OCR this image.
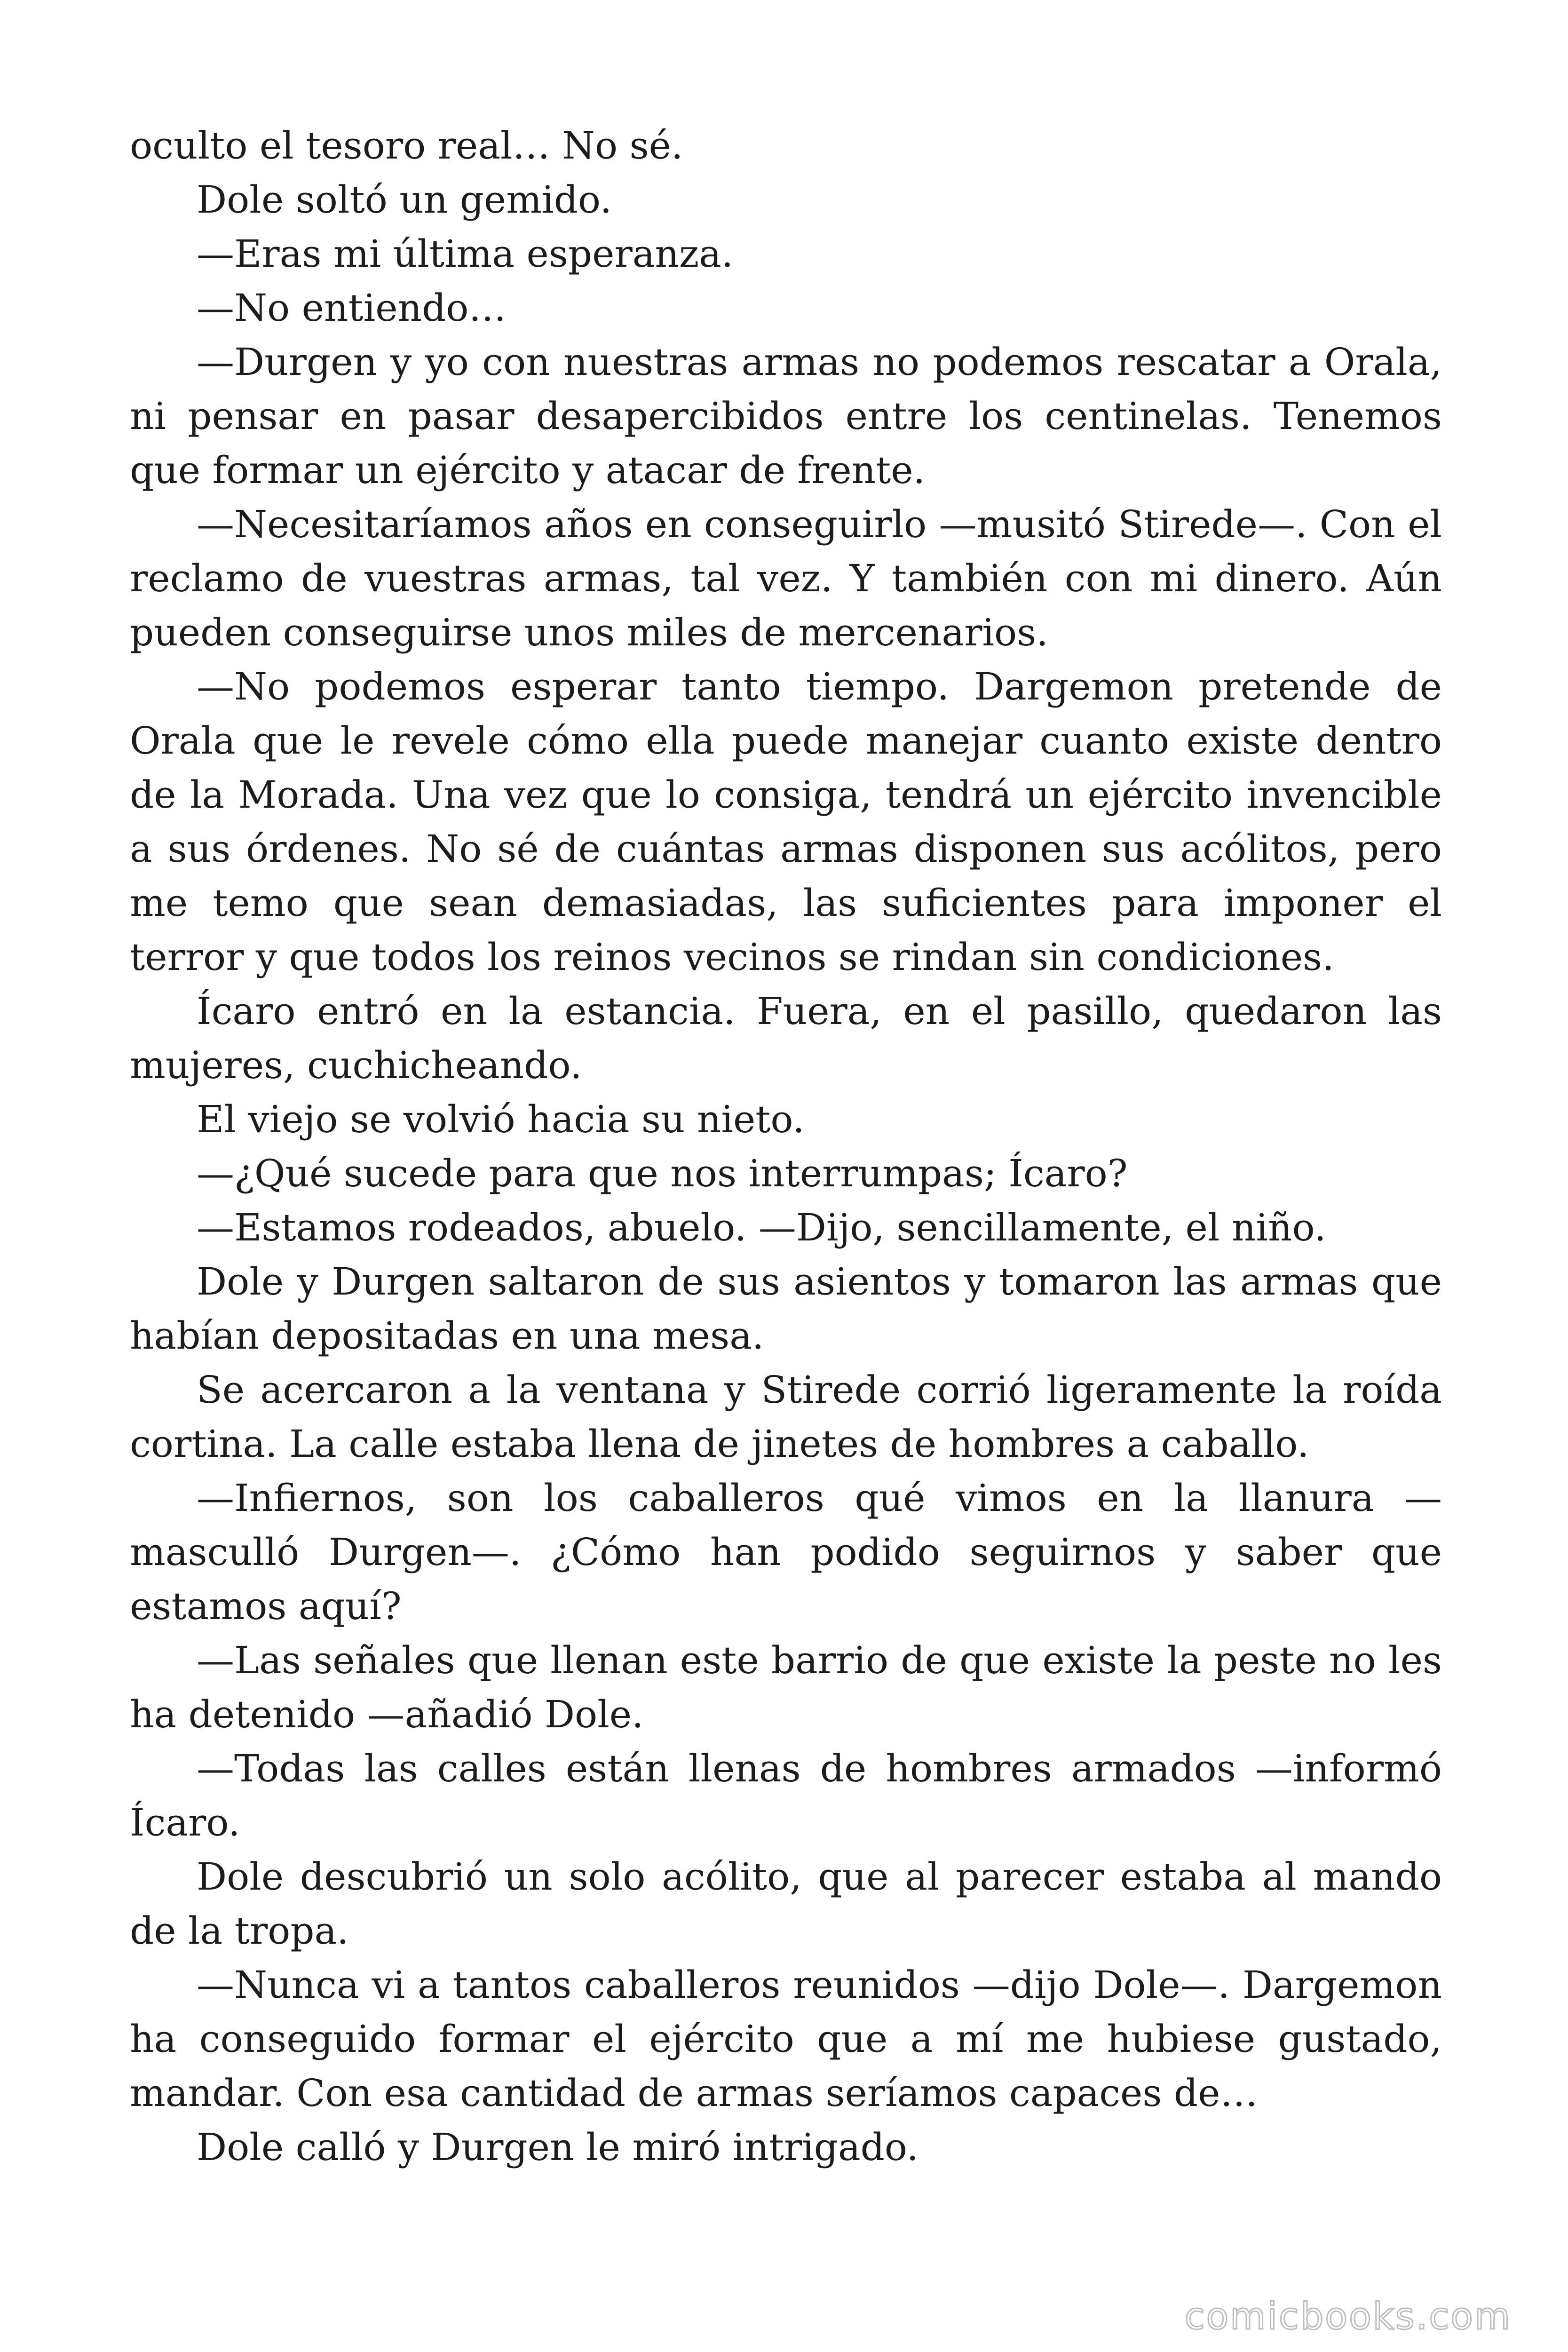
oculto el tesoro real… No sé.

Dole soltó un gemido.

—Eras mi última esperanza.

—No entiendo…

—Durgen y yo con nuestras armas no podemos rescatar a Orala, ni pensar en pasar desapercibidos entre los centinelas. Tenemos que formar un ejército y atacar de frente.

—Necesitaríamos años en conseguirlo —musitó Stirede—. Con el reclamo de vuestras armas, tal vez. Y también con mi dinero. Aún pueden conseguirse unos miles de mercenarios.

—No podemos esperar tanto tiempo. Dargemon pretende de Orala que le revele cómo ella puede manejar cuanto existe dentro de la Morada. Una vez que lo consiga, tendrá un ejército invencible a sus órdenes. No sé de cuántas armas disponen sus acólitos, pero me temo que sean demasiadas, las suficientes para imponer el terror y que todos los reinos vecinos se rindan sin condiciones.

Ícaro entró en la estancia. Fuera, en el pasillo, quedaron las mujeres, cuchicheando.

El viejo se volvió hacia su nieto.

—¿Qué sucede para que nos interrumpas; Ícaro?

—Estamos rodeados, abuelo. —Dijo, sencillamente, el niño.

Dole y Durgen saltaron de sus asientos y tomaron las armas que habían depositadas en una mesa.

Se acercaron a la ventana y Stirede corrió ligeramente la roída cortina. La calle estaba llena de jinetes de hombres a caballo.

—Infiernos, son los caballeros qué vimos en la llanura — masculló Durgen—. ¿Cómo han podido seguirnos y saber que estamos aquí?

—Las señales que llenan este barrio de que existe la peste no les ha detenido —añadió Dole.

—Todas las calles están llenas de hombres armados —informó Ícaro.

Dole descubrió un solo acólito, que al parecer estaba al mando de la tropa.

—Nunca vi a tantos caballeros reunidos —dijo Dole—. Dargemon ha conseguido formar el ejército que a mí me hubiese gustado, mandar. Con esa cantidad de armas seríamos capaces de…

Dole calló y Durgen le miró intrigado.

comicbooks.com
